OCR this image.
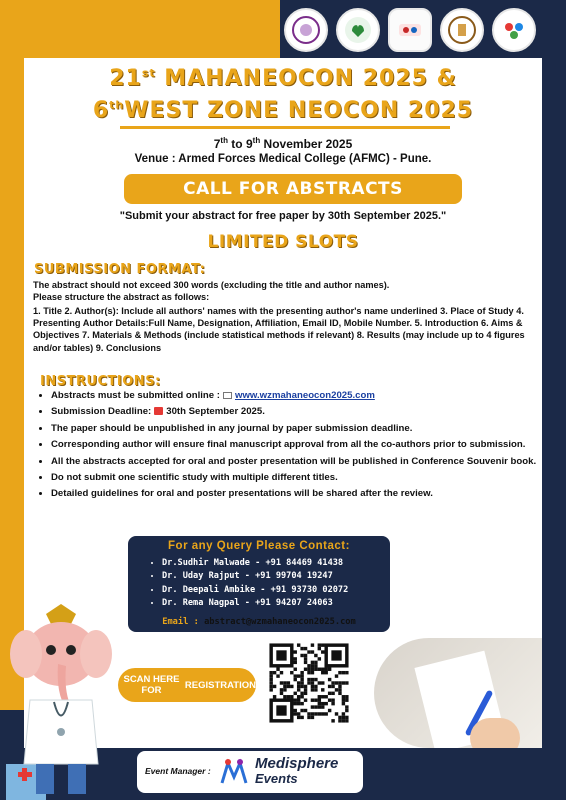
21st MAHANEOCON 2025 &
6thWEST ZONE NEOCON 2025
7th to 9th November 2025
Venue : Armed Forces Medical College (AFMC) - Pune.
CALL FOR ABSTRACTS
"Submit your abstract for free paper by 30th September 2025."
LIMITED SLOTS
SUBMISSION FORMAT:
The abstract should not exceed 300 words (excluding the title and author names).
Please structure the abstract as follows:
1. Title 2. Author(s): Include all authors' names with the presenting author's name underlined 3. Place of Study 4. Presenting Author Details:Full Name, Designation, Affiliation, Email ID, Mobile Number. 5. Introduction 6. Aims & Objectives 7. Materials & Methods (include statistical methods if relevant) 8. Results (may include up to 4 figures and/or tables) 9. Conclusions
INSTRUCTIONS:
• Abstracts must be submitted online : www.wzmahaneocon2025.com
• Submission Deadline: 30th September 2025.
• The paper should be unpublished in any journal by paper submission deadline.
• Corresponding author will ensure final manuscript approval from all the co-authors prior to submission.
• All the abstracts accepted for oral and poster presentation will be published in Conference Souvenir book.
• Do not submit one scientific study with multiple different titles.
• Detailed guidelines for oral and poster presentations will be shared after the review.
For any Query Please Contact:
• Dr.Sudhir Malwade - +91 84469 41438
• Dr. Uday Rajput - +91 99704 19247
• Dr. Deepali Ambike - +91 93730 02072
• Dr. Rema Nagpal - +91 94207 24063
Email : abstract@wzmahaneocon2025.com
SCAN HERE FOR	REGISTRATION
Event Manager :	Medisphere
Events
